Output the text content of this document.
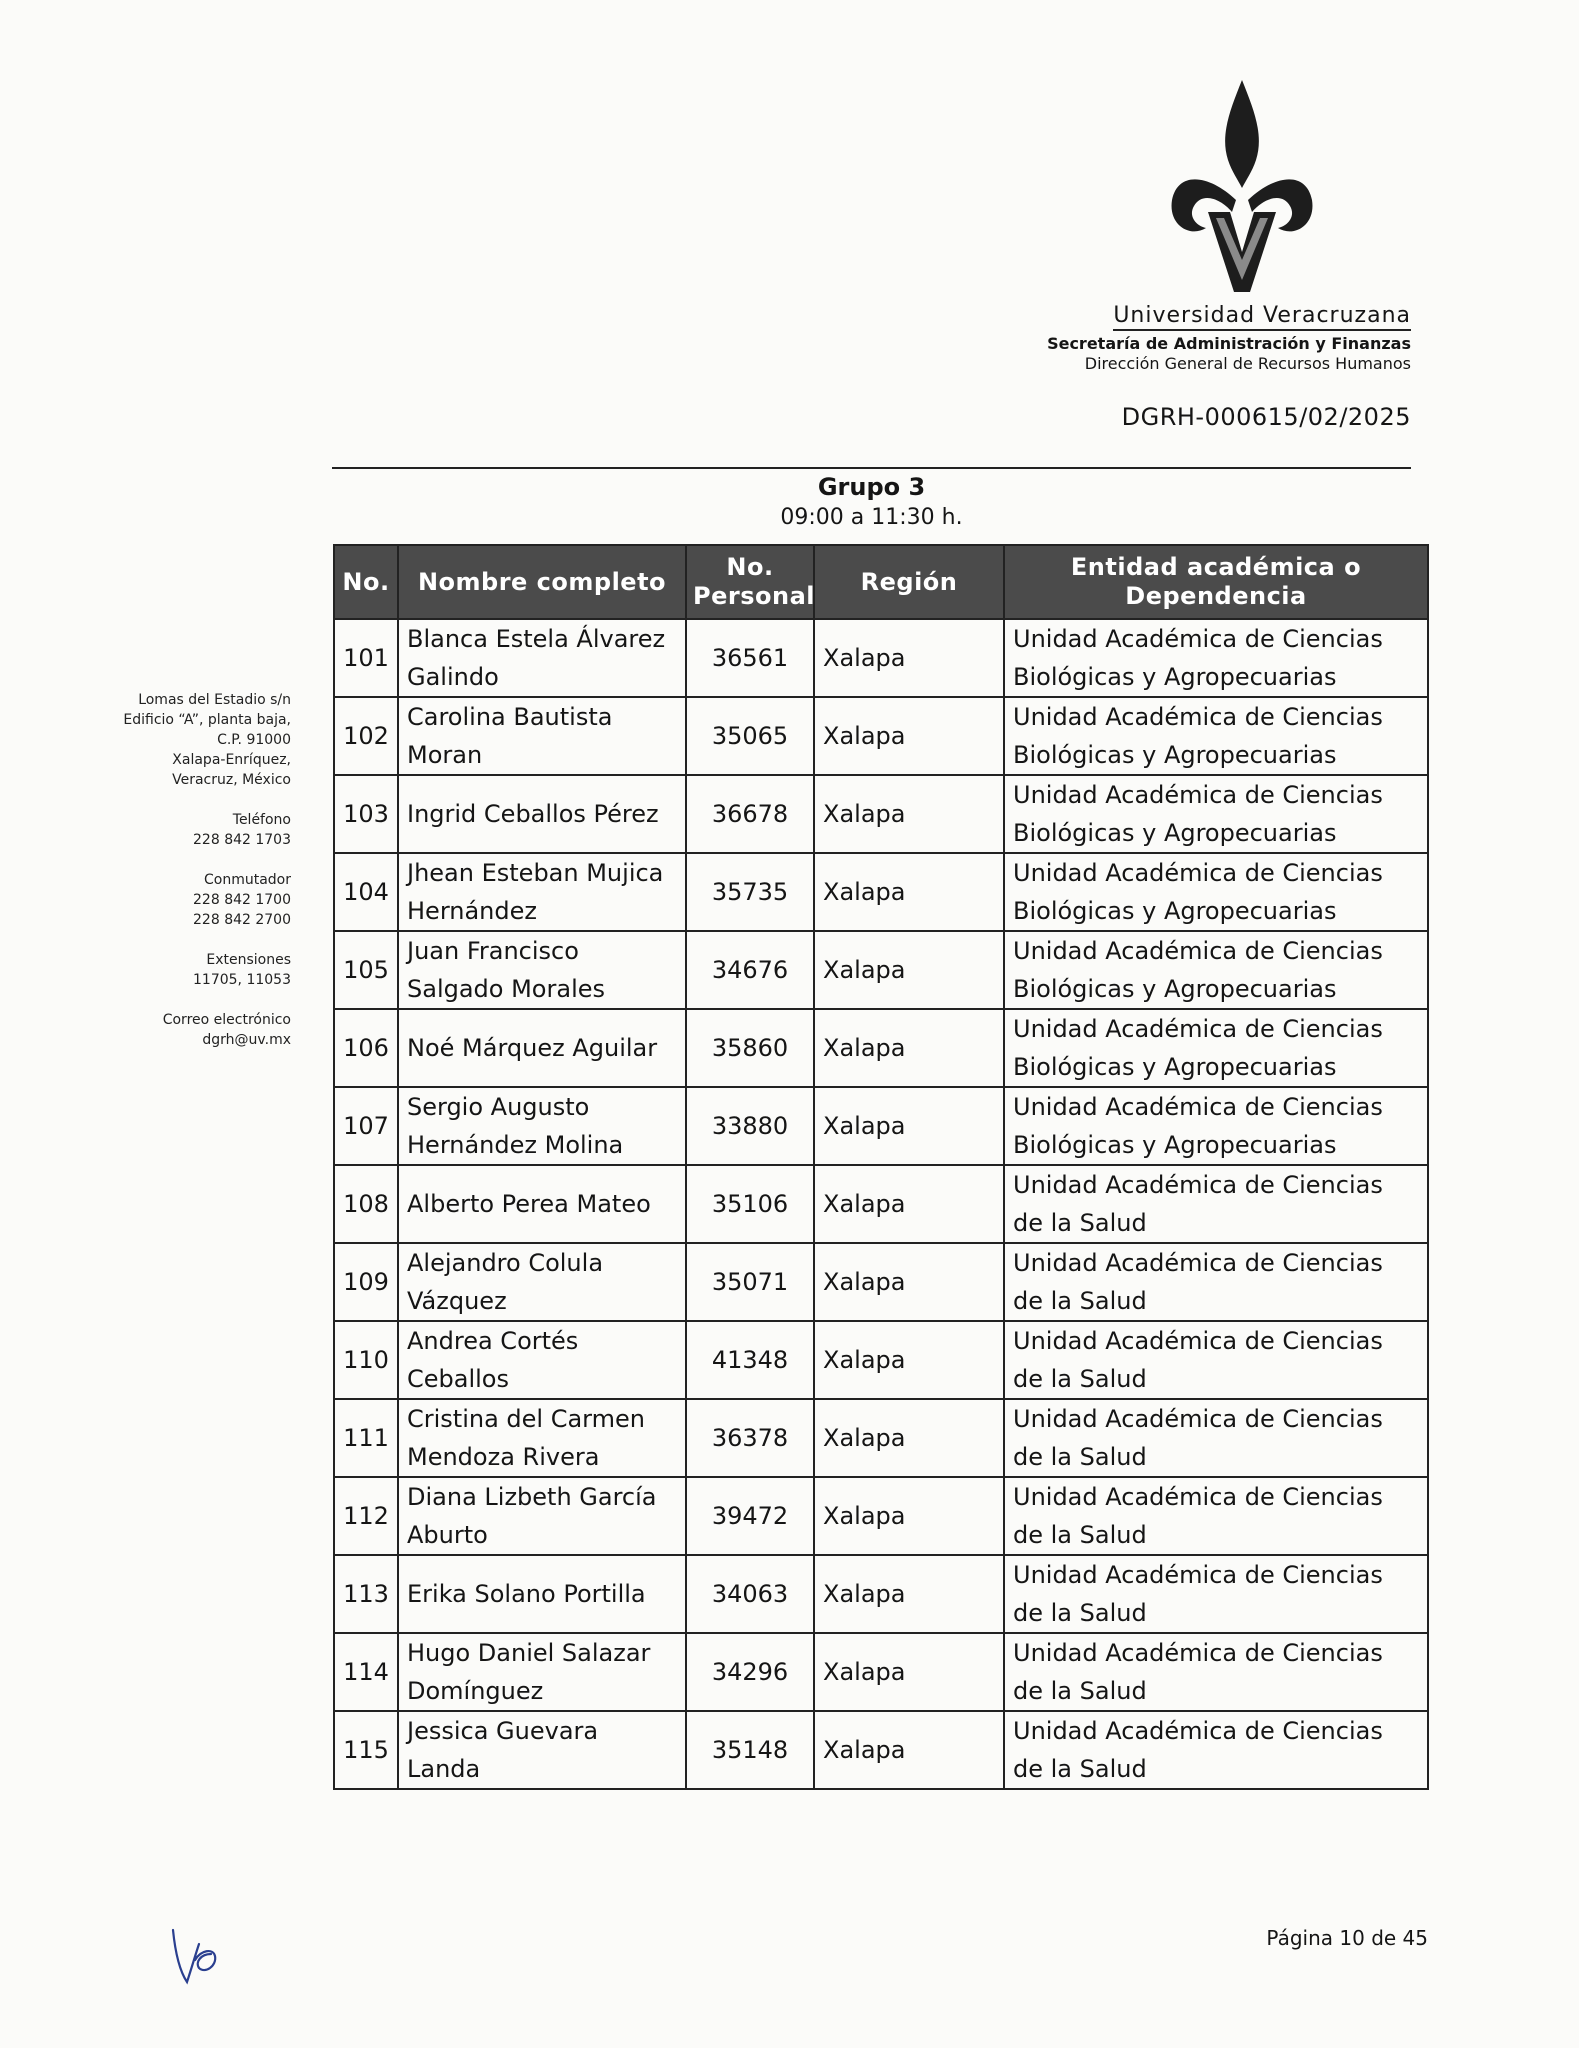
Universidad Veracruzana
Secretaría de Administración y Finanzas
Dirección General de Recursos Humanos
DGRH-000615/02/2025
Grupo 3
09:00 a 11:30 h.
Lomas del Estadio s/n
Edificio “A”, planta baja,
C.P. 91000
Xalapa-Enríquez,
Veracruz, México
Teléfono
228 842 1703
Conmutador
228 842 1700
228 842 2700
Extensiones
11705, 11053
Correo electrónico
dgrh@uv.mx
No.	Nombre completo	No. Personal	Región	Entidad académica o Dependencia
101	Blanca Estela Álvarez Galindo	36561	Xalapa	Unidad Académica de Ciencias Biológicas y Agropecuarias
102	Carolina Bautista Moran	35065	Xalapa	Unidad Académica de Ciencias Biológicas y Agropecuarias
103	Ingrid Ceballos Pérez	36678	Xalapa	Unidad Académica de Ciencias Biológicas y Agropecuarias
104	Jhean Esteban Mujica Hernández	35735	Xalapa	Unidad Académica de Ciencias Biológicas y Agropecuarias
105	Juan Francisco Salgado Morales	34676	Xalapa	Unidad Académica de Ciencias Biológicas y Agropecuarias
106	Noé Márquez Aguilar	35860	Xalapa	Unidad Académica de Ciencias Biológicas y Agropecuarias
107	Sergio Augusto Hernández Molina	33880	Xalapa	Unidad Académica de Ciencias Biológicas y Agropecuarias
108	Alberto Perea Mateo	35106	Xalapa	Unidad Académica de Ciencias de la Salud
109	Alejandro Colula Vázquez	35071	Xalapa	Unidad Académica de Ciencias de la Salud
110	Andrea Cortés Ceballos	41348	Xalapa	Unidad Académica de Ciencias de la Salud
111	Cristina del Carmen Mendoza Rivera	36378	Xalapa	Unidad Académica de Ciencias de la Salud
112	Diana Lizbeth García Aburto	39472	Xalapa	Unidad Académica de Ciencias de la Salud
113	Erika Solano Portilla	34063	Xalapa	Unidad Académica de Ciencias de la Salud
114	Hugo Daniel Salazar Domínguez	34296	Xalapa	Unidad Académica de Ciencias de la Salud
115	Jessica Guevara Landa	35148	Xalapa	Unidad Académica de Ciencias de la Salud
Página 10 de 45
